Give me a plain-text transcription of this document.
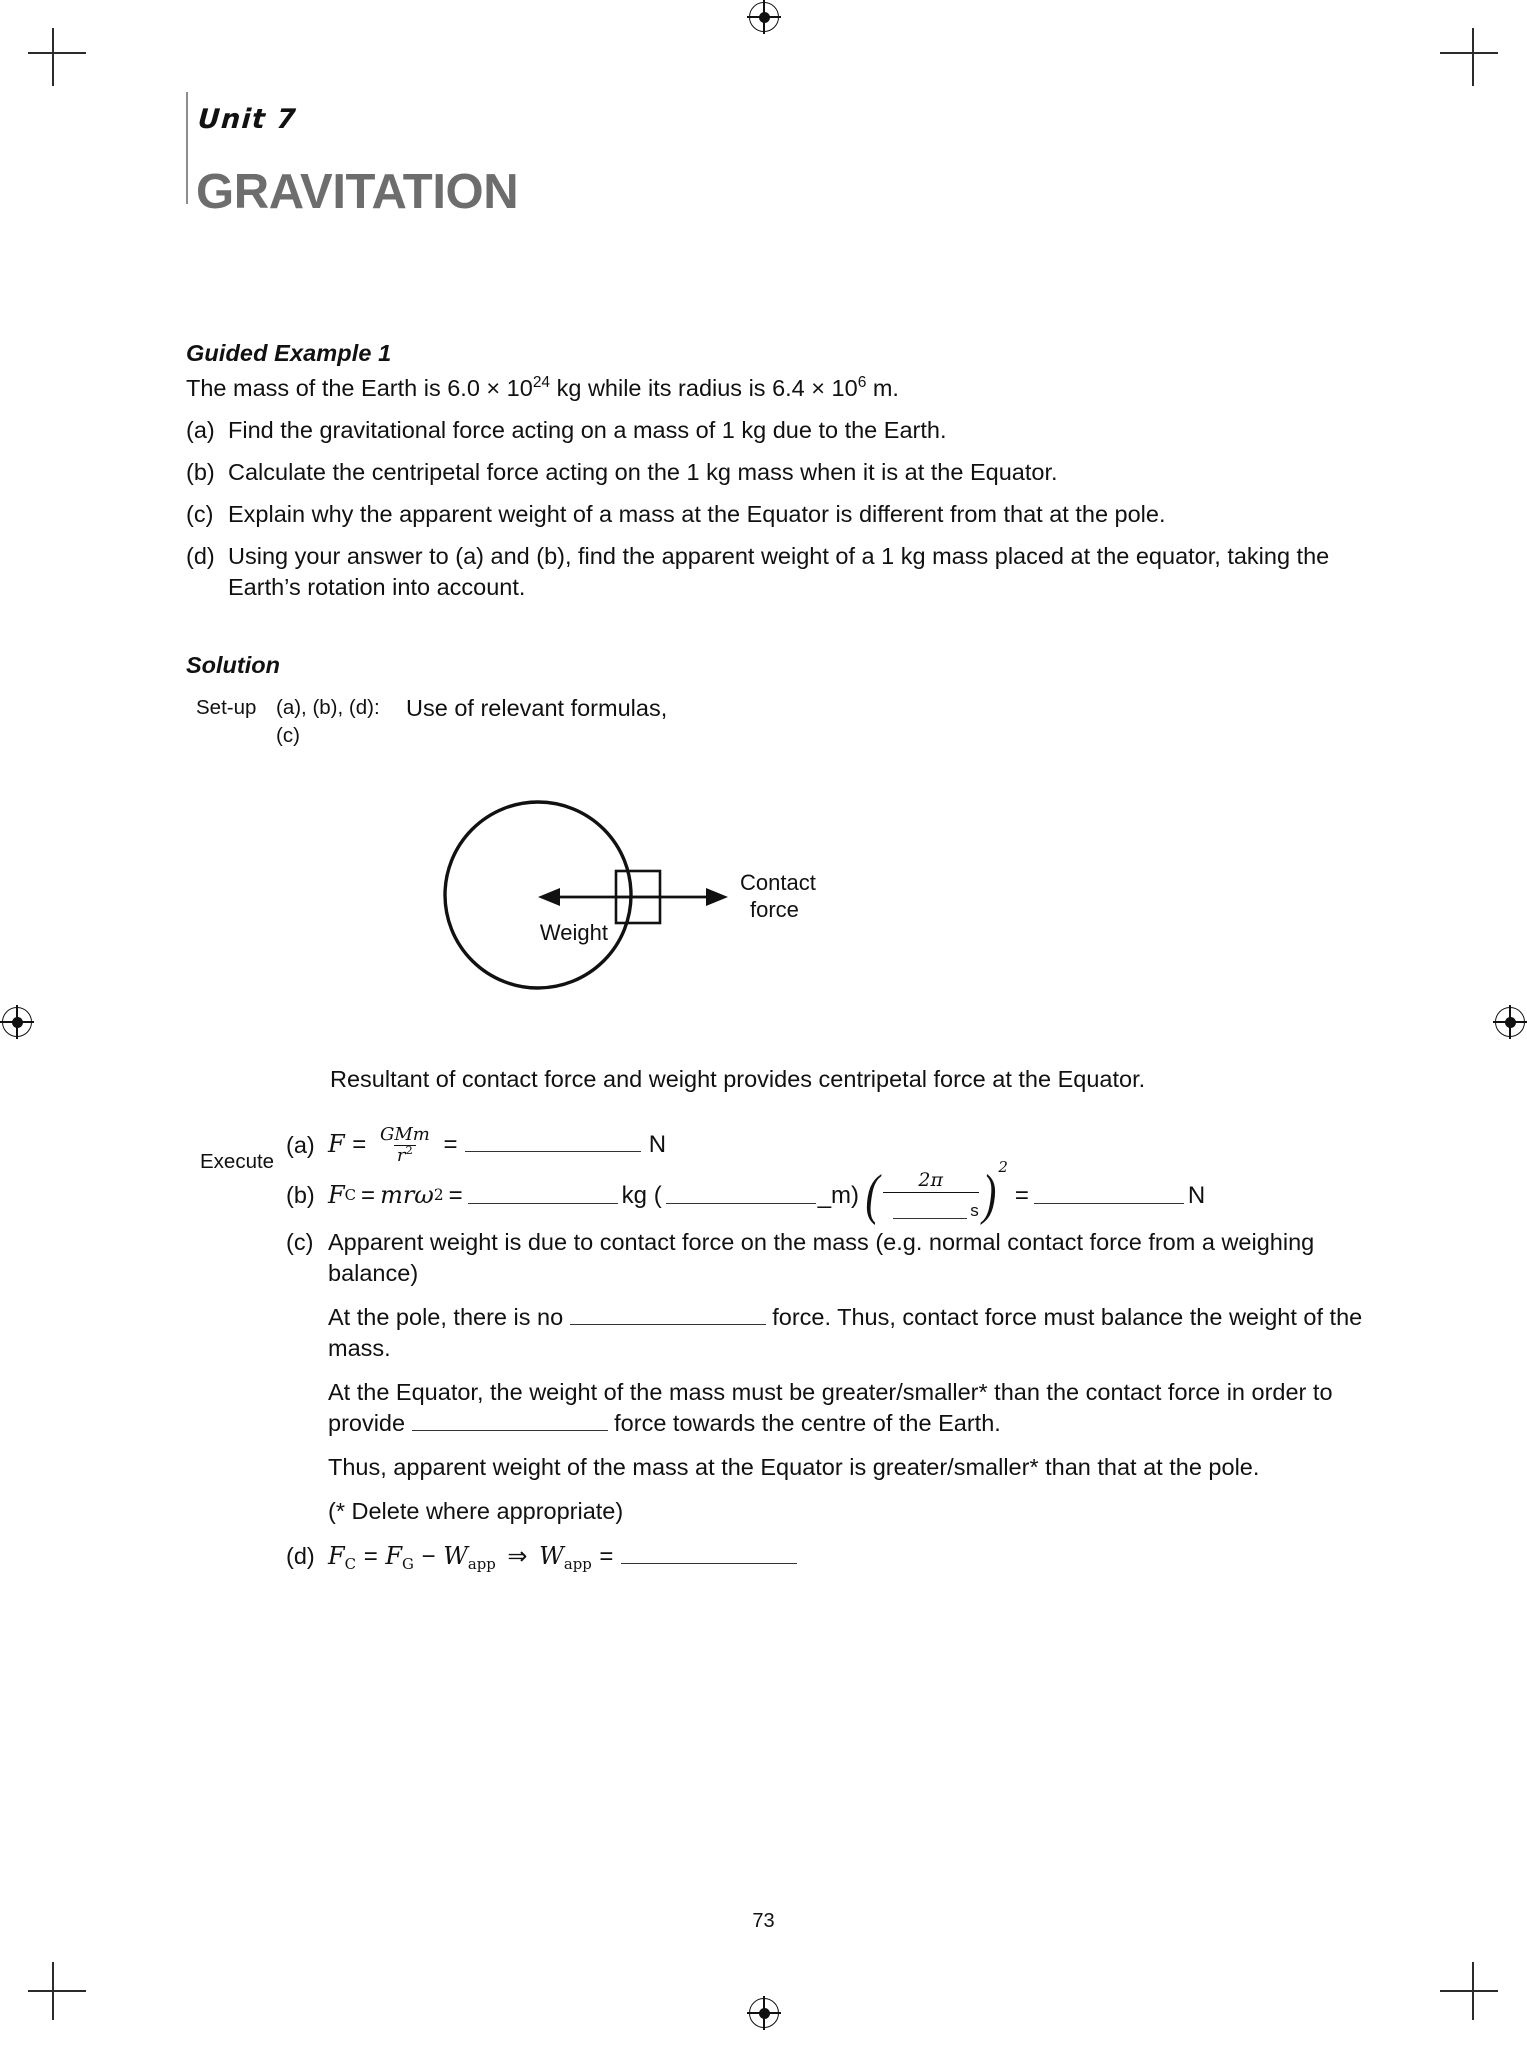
Unit 7
GRAVITATION

Guided Example 1

The mass of the Earth is $6.0 \times 10^{24}$ kg while its radius is $6.4 \times 10^6$ m.

(a) Find the gravitational force acting on a mass of 1 kg due to the Earth.
(b) Calculate the centripetal force acting on the 1 kg mass when it is at the Equator.
(c) Explain why the apparent weight of a mass at the Equator is different from that at the pole.
(d) Using your answer to (a) and (b), find the apparent weight of a 1 kg mass placed at the equator, taking the Earth’s rotation into account.
Solution
Set-up (a), (b), (d):
(c)
Use of relevant formulas,
Weight
Contact
force
Resultant of contact force and weight provides centripetal force at the Equator.
Execute
(a) $F = \frac{\text{GMm}}{r^2}$ =	N
(b) F C = mrω 2 =	kg (	_m) ( $\frac{2\pi}{s}$ ) 2
=	N
(c) Apparent weight is due to contact force on the mass (e.g. normal contact force from a weighing balance)
At the pole, there is no	force. Thus, contact force must balance the weight of the mass.
At the Equator, the weight of the mass must be greater/smaller* than the contact force in order to provide	force towards the centre of the Earth.
Thus, apparent weight of the mass at the Equator is greater/smaller* than that at the pole.
(* Delete where appropriate)
(d) $F_C = F_G - W_{app}$ ⇒ $W_{app}$ =
73
